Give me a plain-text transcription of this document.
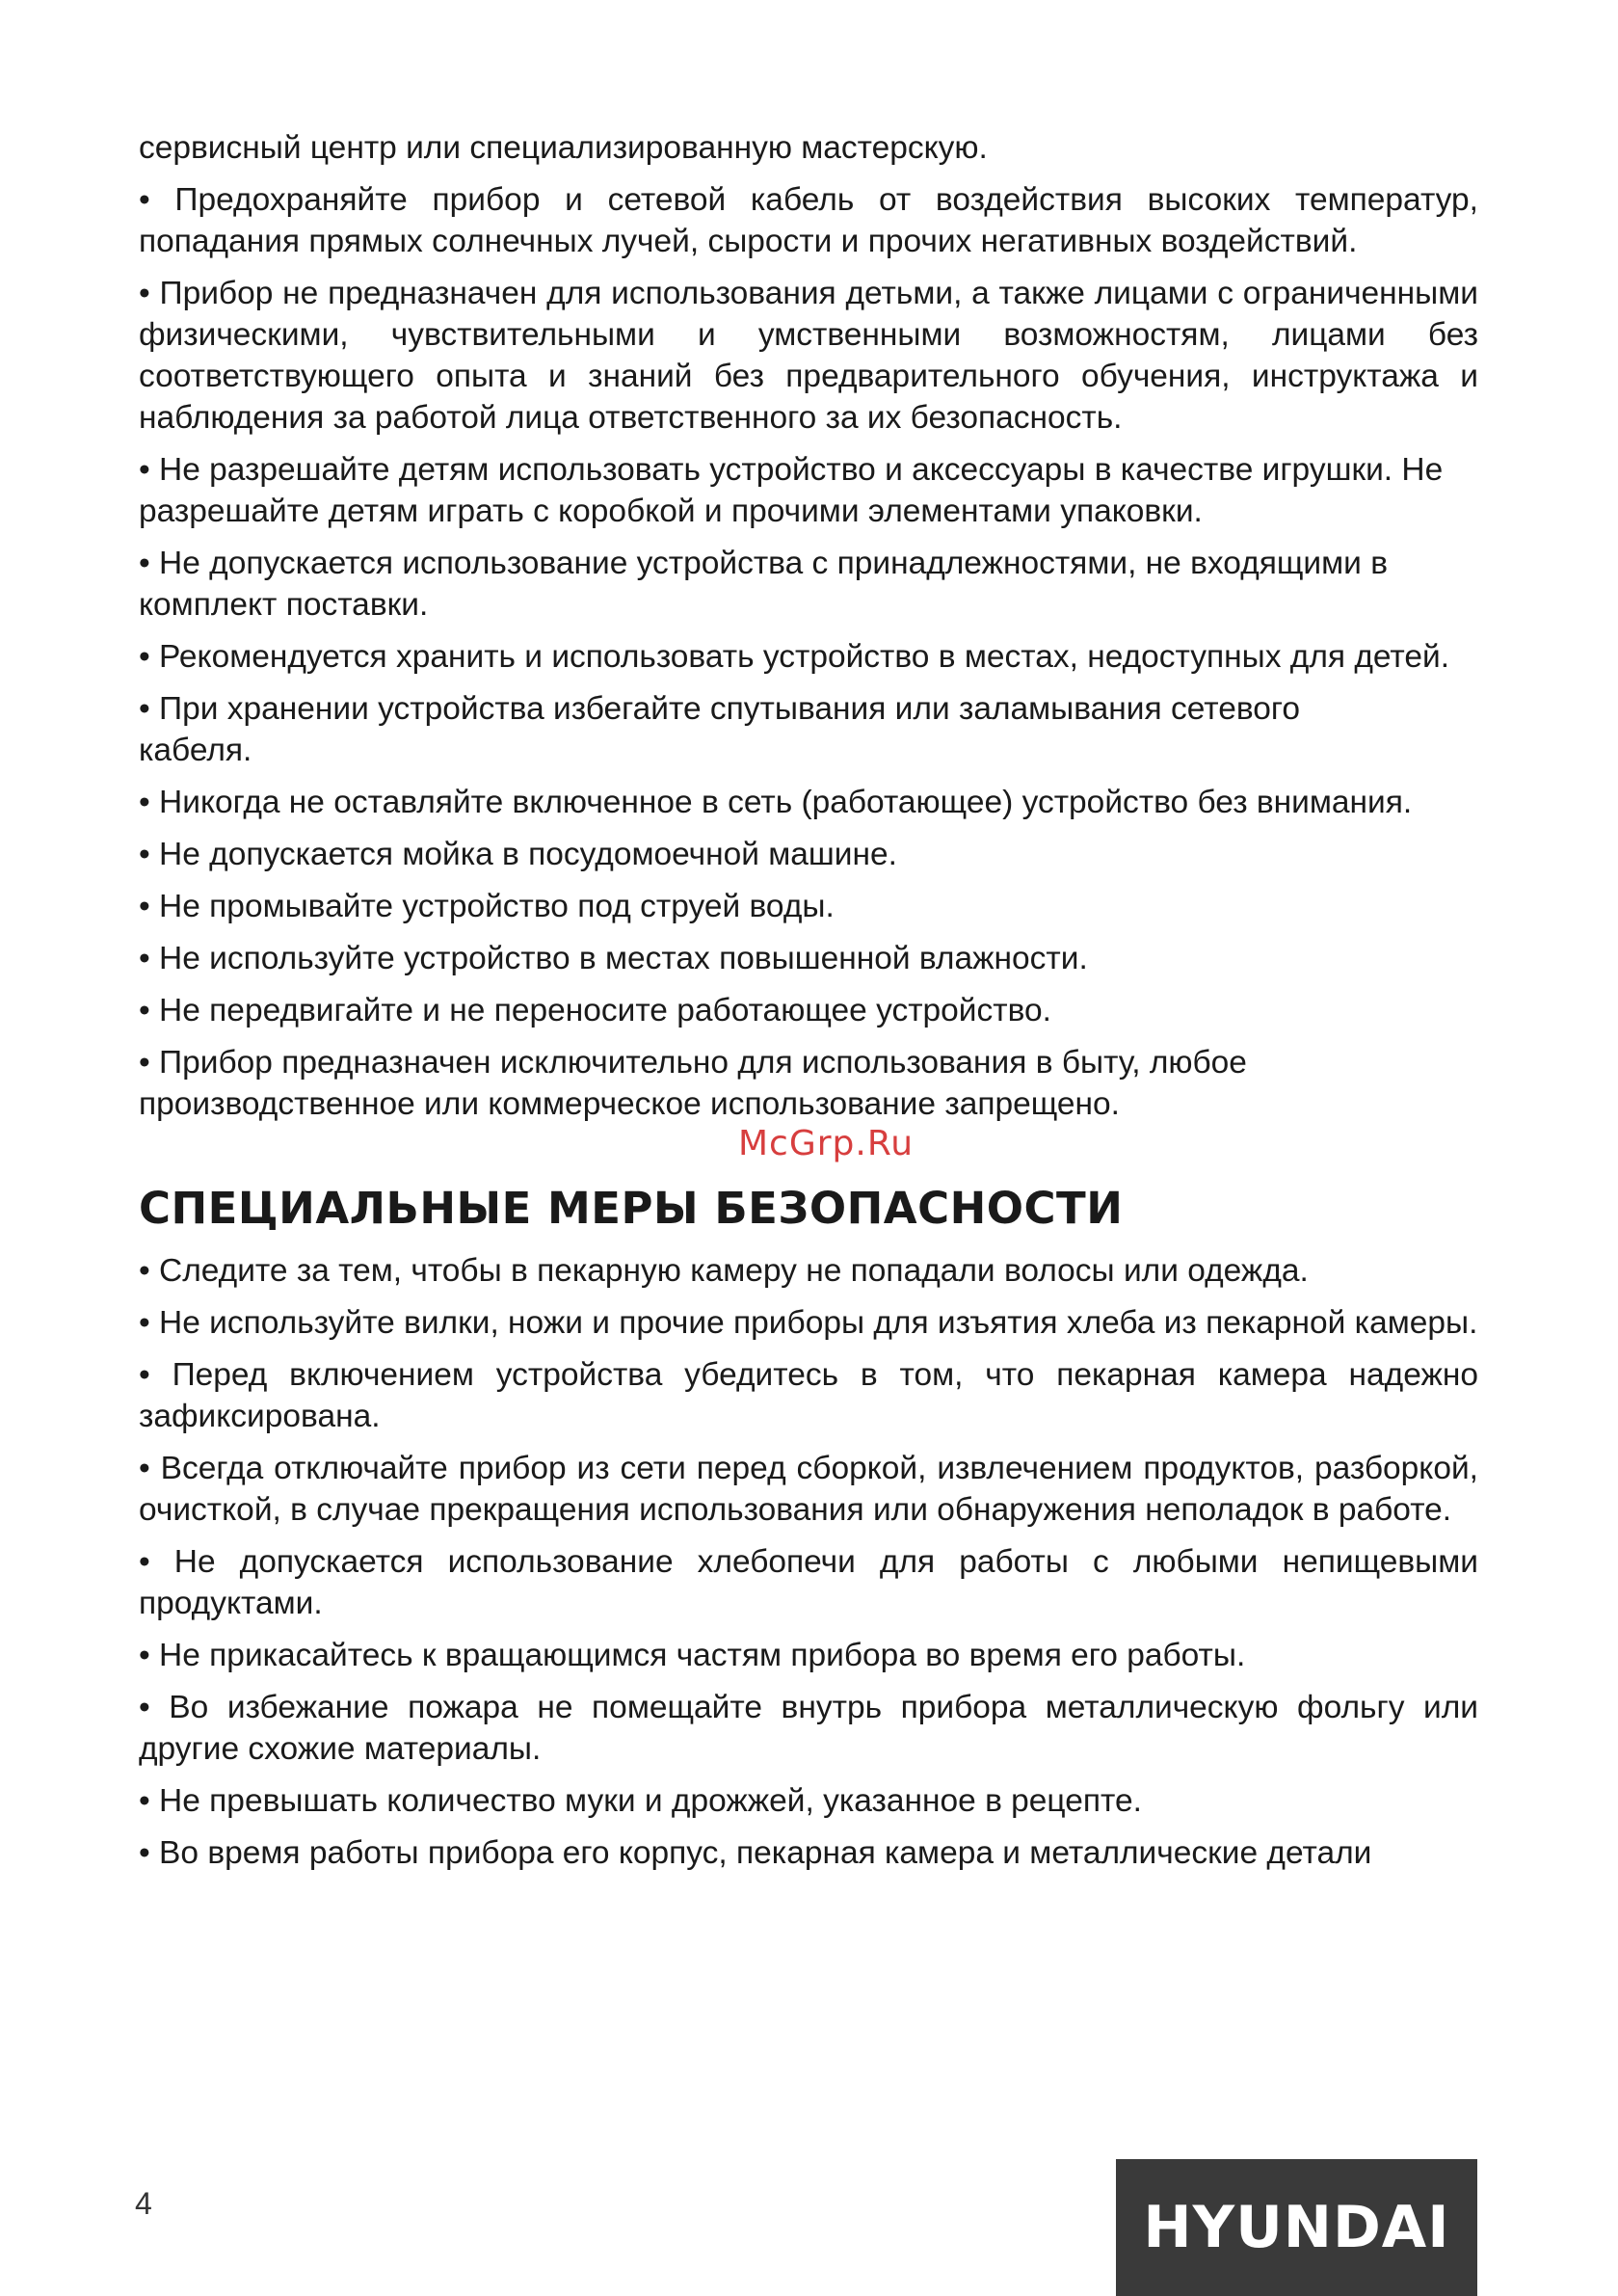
сервисный центр или специализированную мастерскую.

• Предохраняйте прибор и сетевой кабель от воздействия высоких температур, попадания прямых солнечных лучей, сырости и прочих негативных воздействий.

• Прибор не предназначен для использования детьми, а также лицами с ограниченными физическими, чувствительными и умственными возможностям, лицами без соответствующего опыта и знаний без предварительного обучения, инструктажа и наблюдения за работой лица ответственного за их безопасность.

• Не разрешайте детям использовать устройство и аксессуары в качестве игрушки. Не разрешайте детям играть с коробкой и прочими элементами упаковки.

• Не допускается использование устройства с принадлежностями, не входящими в комплект поставки.

• Рекомендуется хранить и использовать устройство в местах, недоступных для детей.

• При хранении устройства избегайте спутывания или заламывания сетевого кабеля.

• Никогда не оставляйте включенное в сеть (работающее) устройство без внимания.

• Не допускается мойка в посудомоечной машине.

• Не промывайте устройство под струей воды.

• Не используйте устройство в местах повышенной влажности.

• Не передвигайте и не переносите работающее устройство.

• Прибор предназначен исключительно для использования в быту, любое производственное или коммерческое использование запрещено.

СПЕЦИАЛЬНЫЕ МЕРЫ БЕЗОПАСНОСТИ

• Следите за тем, чтобы в пекарную камеру не попадали волосы или одежда.

• Не используйте вилки, ножи и прочие приборы для изъятия хлеба из пекарной камеры.

• Перед включением устройства убедитесь в том, что пекарная камера надежно зафиксирована.

• Всегда отключайте прибор из сети перед сборкой, извлечением продуктов, разборкой, очисткой, в случае прекращения использования или обнаружения неполадок в работе.

• Не допускается использование хлебопечи для работы с любыми непищевыми продуктами.

• Не прикасайтесь к вращающимся частям прибора во время его работы.

• Во избежание пожара не помещайте внутрь прибора металлическую фольгу или другие схожие материалы.

• Не превышать количество муки и дрожжей, указанное в рецепте.

• Во время работы прибора его корпус, пекарная камера и металлические детали

McGrp.Ru
4	HYUNDAI
